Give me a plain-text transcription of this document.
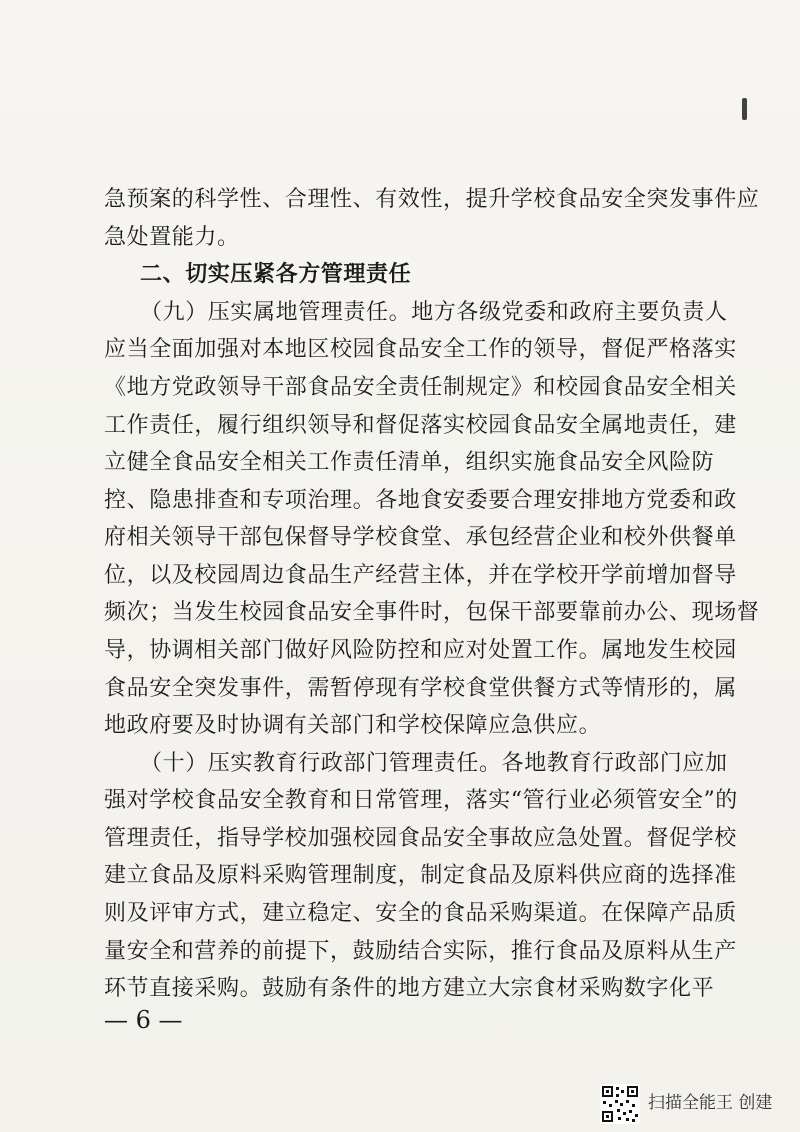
急预案的科学性、合理性、有效性，提升学校食品安全突发事件应
急处置能力。
二、切实压紧各方管理责任
（九）压实属地管理责任。地方各级党委和政府主要负责人
应当全面加强对本地区校园食品安全工作的领导，督促严格落实
《地方党政领导干部食品安全责任制规定》和校园食品安全相关
工作责任，履行组织领导和督促落实校园食品安全属地责任，建
立健全食品安全相关工作责任清单，组织实施食品安全风险防
控、隐患排查和专项治理。各地食安委要合理安排地方党委和政
府相关领导干部包保督导学校食堂、承包经营企业和校外供餐单
位，以及校园周边食品生产经营主体，并在学校开学前增加督导
频次；当发生校园食品安全事件时，包保干部要靠前办公、现场督
导，协调相关部门做好风险防控和应对处置工作。属地发生校园
食品安全突发事件，需暂停现有学校食堂供餐方式等情形的，属
地政府要及时协调有关部门和学校保障应急供应。
（十）压实教育行政部门管理责任。各地教育行政部门应加
强对学校食品安全教育和日常管理，落实“管行业必须管安全”的
管理责任，指导学校加强校园食品安全事故应急处置。督促学校
建立食品及原料采购管理制度，制定食品及原料供应商的选择准
则及评审方式，建立稳定、安全的食品采购渠道。在保障产品质
量安全和营养的前提下，鼓励结合实际，推行食品及原料从生产
环节直接采购。鼓励有条件的地方建立大宗食材采购数字化平
— 6 —
扫描全能王 创建
